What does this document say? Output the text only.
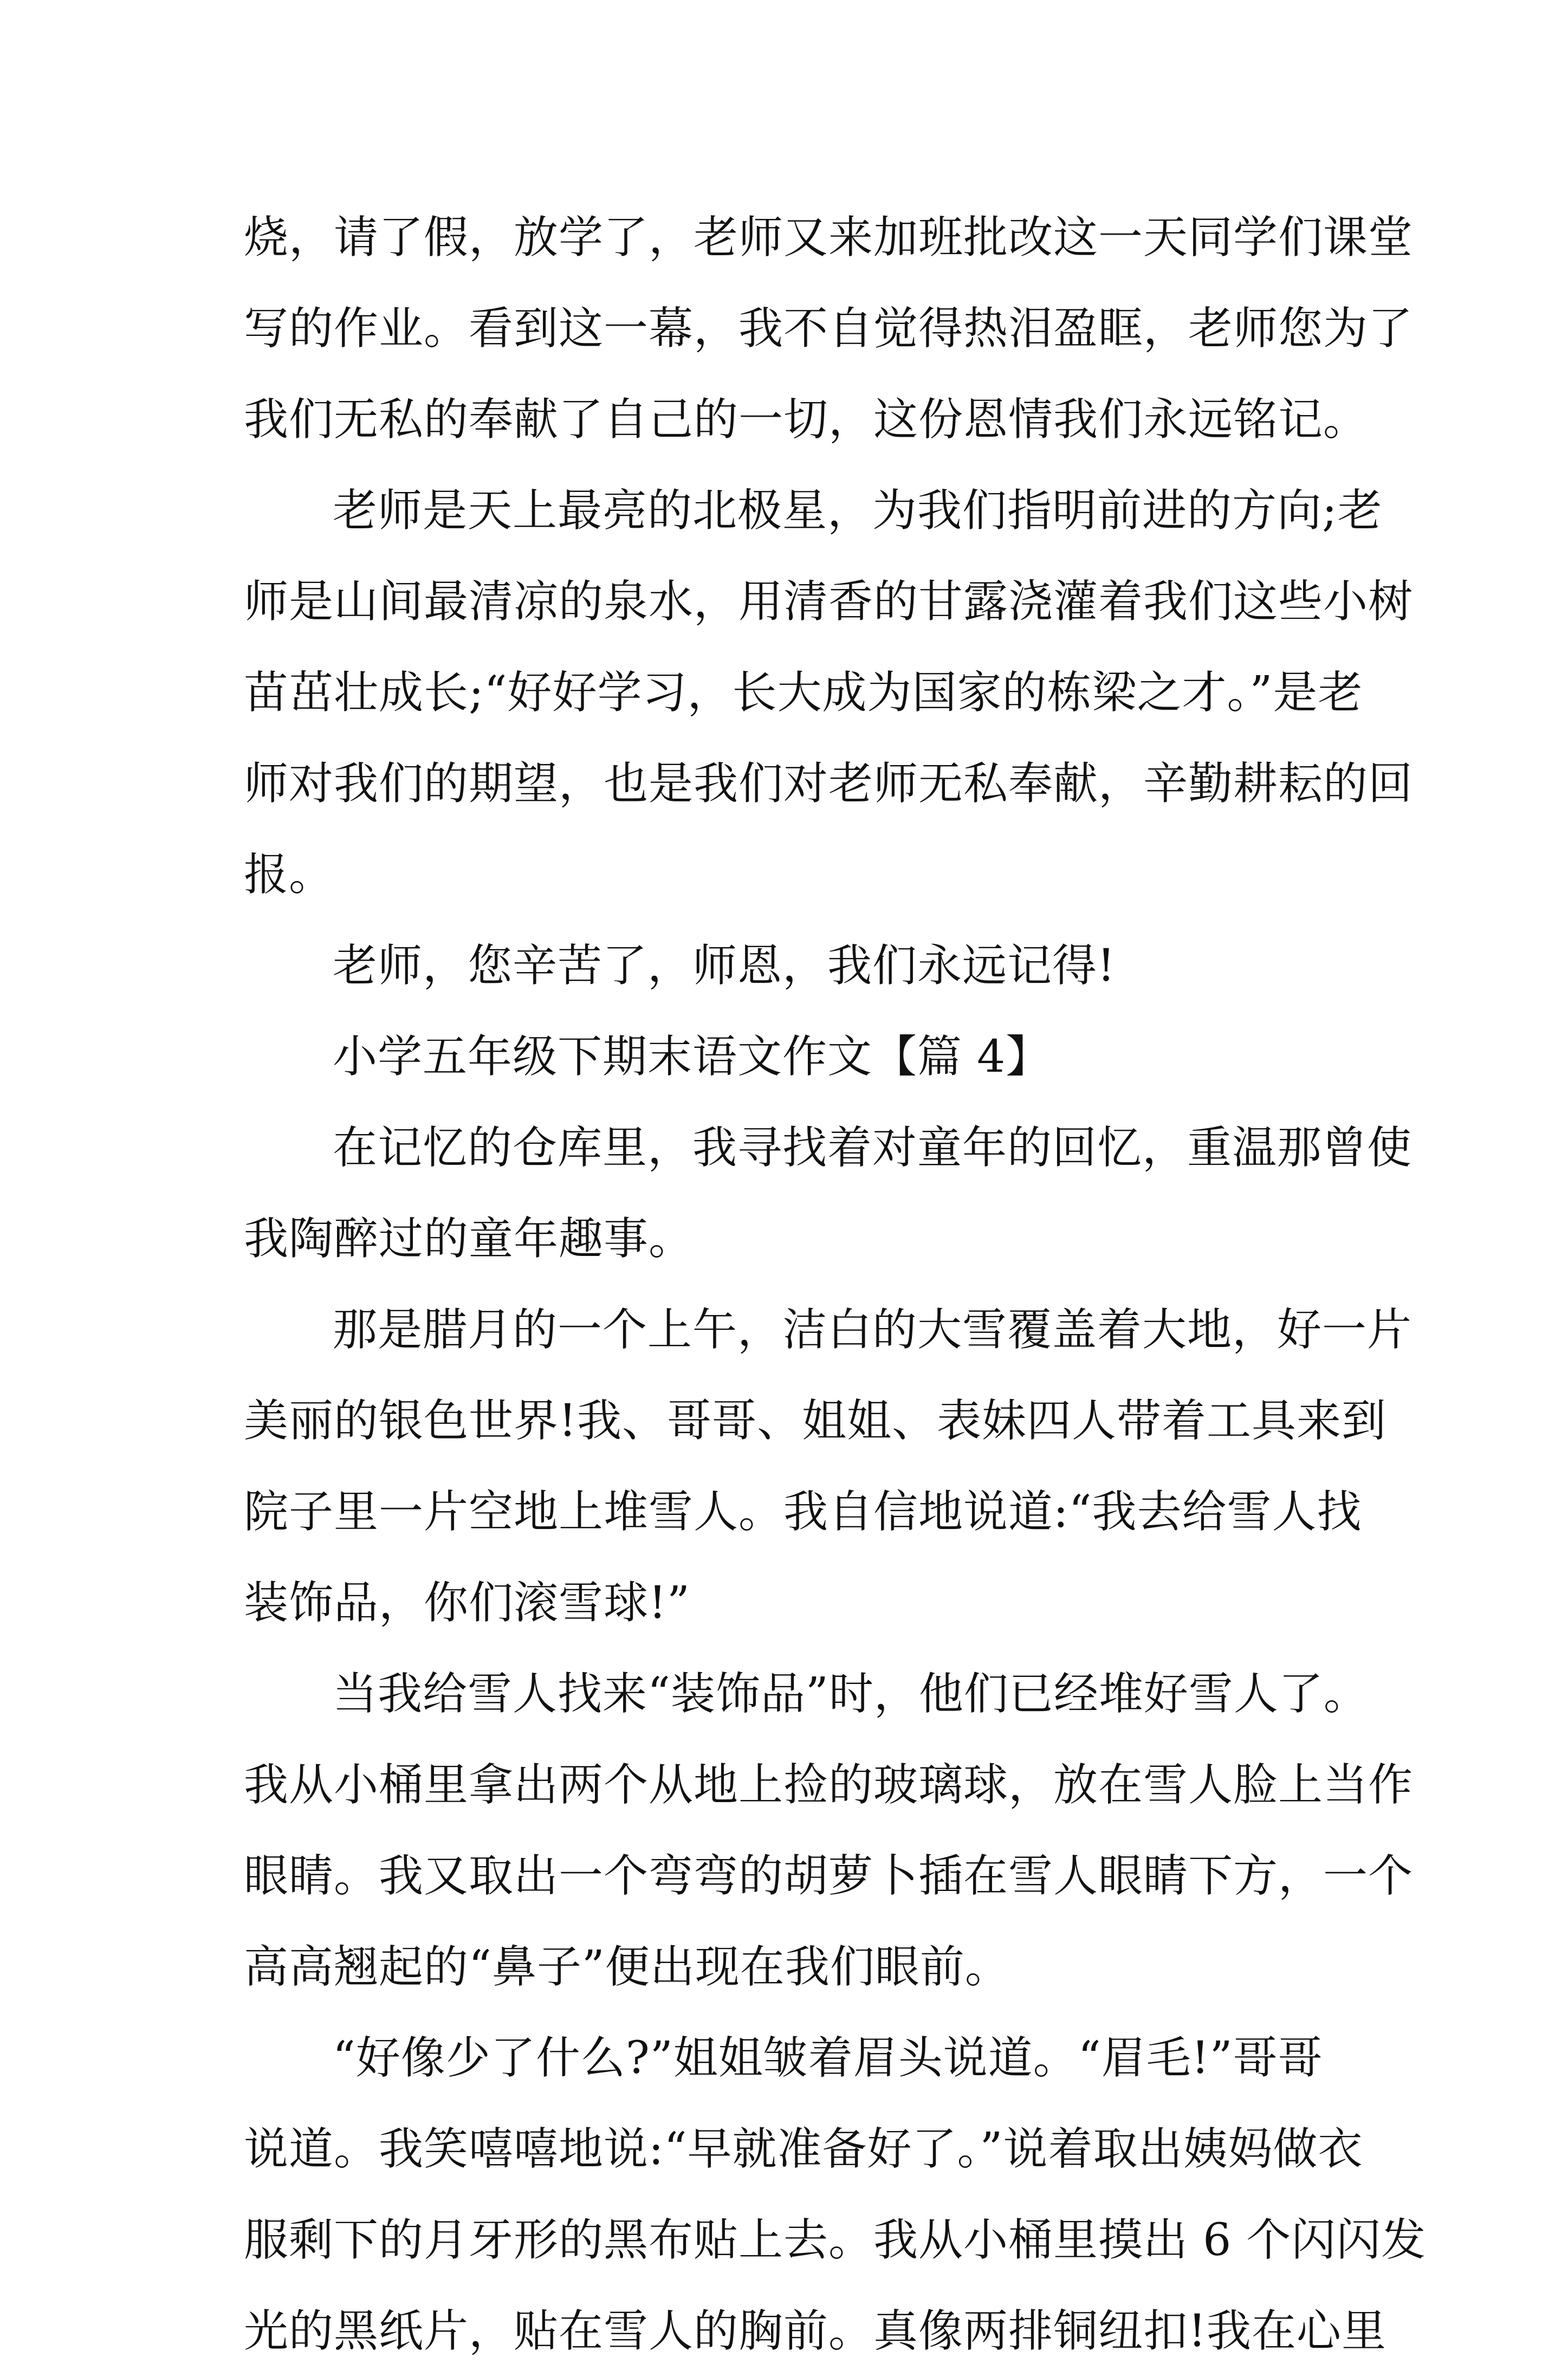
烧，请了假，放学了，老师又来加班批改这一天同学们课堂
写的作业。看到这一幕，我不自觉得热泪盈眶，老师您为了
我们无私的奉献了自己的一切，这份恩情我们永远铭记。
老师是天上最亮的北极星，为我们指明前进的方向;老
师是山间最清凉的泉水，用清香的甘露浇灌着我们这些小树
苗茁壮成长;“好好学习，长大成为国家的栋梁之才。”是老
师对我们的期望，也是我们对老师无私奉献，辛勤耕耘的回
报。
老师，您辛苦了，师恩，我们永远记得!
小学五年级下期末语文作文【篇 4】
在记忆的仓库里，我寻找着对童年的回忆，重温那曾使
我陶醉过的童年趣事。
那是腊月的一个上午，洁白的大雪覆盖着大地，好一片
美丽的银色世界!我、哥哥、姐姐、表妹四人带着工具来到
院子里一片空地上堆雪人。我自信地说道:“我去给雪人找
装饰品，你们滚雪球!”
当我给雪人找来“装饰品”时，他们已经堆好雪人了。
我从小桶里拿出两个从地上捡的玻璃球，放在雪人脸上当作
眼睛。我又取出一个弯弯的胡萝卜插在雪人眼睛下方，一个
高高翘起的“鼻子”便出现在我们眼前。
“好像少了什么?”姐姐皱着眉头说道。“眉毛!”哥哥
说道。我笑嘻嘻地说:“早就准备好了。”说着取出姨妈做衣
服剩下的月牙形的黑布贴上去。我从小桶里摸出 6 个闪闪发
光的黑纸片，贴在雪人的胸前。真像两排铜纽扣!我在心里
